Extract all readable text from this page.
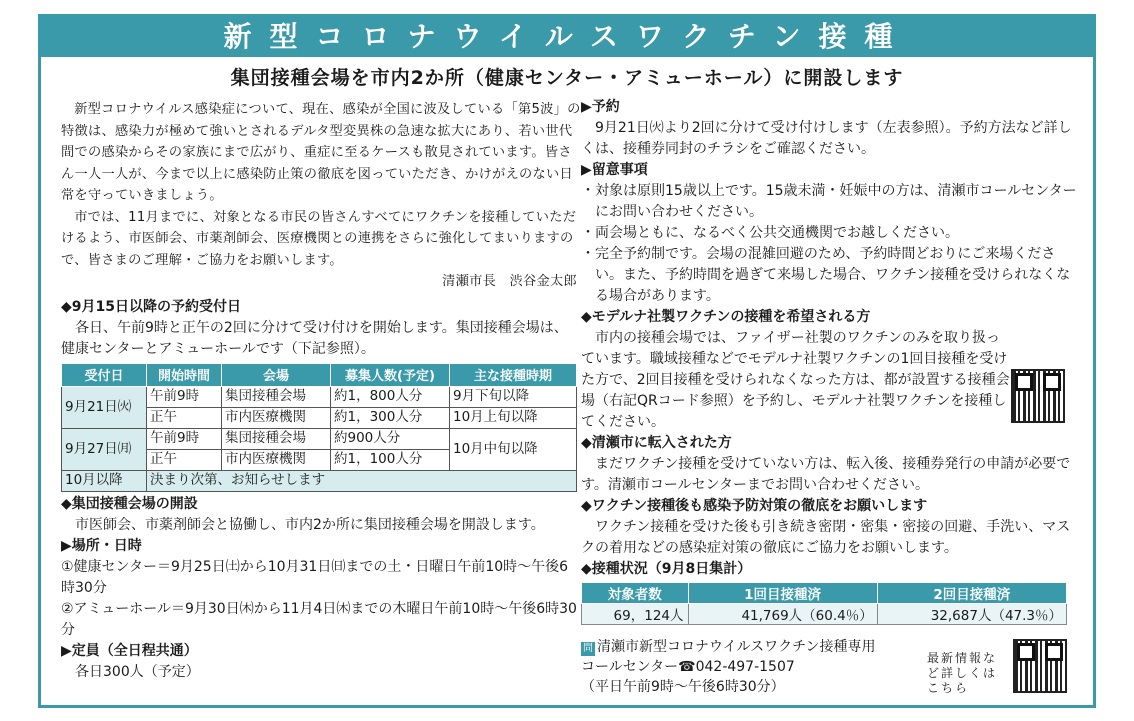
新型コロナウイルスワクチン接種
集団接種会場を市内2か所（健康センター・アミューホール）に開設します

新型コロナウイルス感染症について、現在、感染が全国に波及している「第5波」の特徴は、感染力が極めて強いとされるデルタ型変異株の急速な拡大にあり、若い世代間での感染からその家族にまで広がり、重症に至るケースも散見されています。皆さん一人一人が、今まで以上に感染防止策の徹底を図っていただき、かけがえのない日常を守っていきましょう。

市では、11月までに、対象となる市民の皆さんすべてにワクチンを接種していただけるよう、市医師会、市薬剤師会、医療機関との連携をさらに強化してまいりますので、皆さまのご理解・ご協力をお願いします。

清瀬市長　渋谷金太郎

◆9月15日以降の予約受付日

各日、午前9時と正午の2回に分けて受け付けを開始します。集団接種会場は、健康センターとアミューホールです（下記参照）。

受付日	開始時間	会場	募集人数(予定)	主な接種時期
9月21日㈫	午前9時	集団接種会場	約1，800人分	9月下旬以降
	正午	市内医療機関	約1，300人分	10月上旬以降
9月27日㈪	午前9時	集団接種会場	約900人分	10月中旬以降
	正午	市内医療機関	約1，100人分	
10月以降	決まり次第、お知らせします			

◆集団接種会場の開設

市医師会、市薬剤師会と協働し、市内2か所に集団接種会場を開設します。

▶場所・日時

①健康センター＝9月25日㈯から10月31日㈰までの土・日曜日午前10時～午後6時30分

②アミューホール＝9月30日㈭から11月4日㈭までの木曜日午前10時～午後6時30分

▶定員（全日程共通）

各日300人（予定）

▶予約

9月21日㈫より2回に分けて受け付けします（左表参照）。予約方法など詳しくは、接種券同封のチラシをご確認ください。

▶留意事項

・対象は原則15歳以上です。15歳未満・妊娠中の方は、清瀬市コールセンターにお問い合わせください。

・両会場ともに、なるべく公共交通機関でお越しください。

・完全予約制です。会場の混雑回避のため、予約時間どおりにご来場ください。また、予約時間を過ぎて来場した場合、ワクチン接種を受けられなくなる場合があります。

◆モデルナ社製ワクチンの接種を希望される方

市内の接種会場では、ファイザー社製のワクチンのみを取り扱っています。職域接種などでモデルナ社製ワクチンの1回目接種を受けた方で、2回目接種を受けられなくなった方は、都が設置する接種会場（右記QRコード参照）を予約し、モデルナ社製ワクチンを接種してください。

◆清瀬市に転入された方

まだワクチン接種を受けていない方は、転入後、接種券発行の申請が必要です。清瀬市コールセンターまでお問い合わせください。

◆ワクチン接種後も感染予防対策の徹底をお願いします

ワクチン接種を受けた後も引き続き密閉・密集・密接の回避、手洗い、マスクの着用などの感染症対策の徹底にご協力をお願いします。

◆接種状況（9月8日集計）

対象者数	1回目接種済	2回目接種済
69，124人	41,769人（60.4％）	32,687人（47.3％）
問 清瀬市新型コロナウイルスワクチン接種専用
コールセンター☎042-497-1507
（平日午前9時～午後6時30分）
最新情報など詳しくはこちら
